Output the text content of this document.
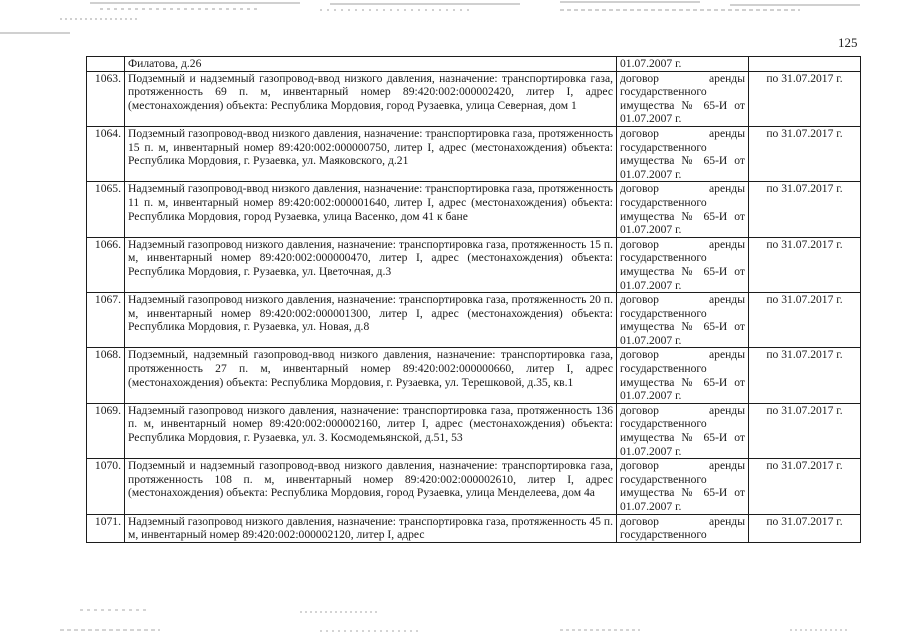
125
	Филатова, д.26	01.07.2007 г.	
1063.	Подземный и надземный газопровод-ввод низкого давления, назначение: транспортировка газа, протяженность 69 п. м, инвентарный номер 89:420:002:000002420, литер I, адрес (местонахождения) объекта: Республика Мордовия, город Рузаевка, улица Северная, дом 1	договор аренды государственного имущества № 65-И от 01.07.2007 г.	по 31.07.2017 г.
1064.	Подземный газопровод-ввод низкого давления, назначение: транспортировка газа, протяженность 15 п. м, инвентарный номер 89:420:002:000000750, литер I, адрес (местонахождения) объекта: Республика Мордовия, г. Рузаевка, ул. Маяковского, д.21	договор аренды государственного имущества № 65-И от 01.07.2007 г.	по 31.07.2017 г.
1065.	Надземный газопровод-ввод низкого давления, назначение: транспортировка газа, протяженность 11 п. м, инвентарный номер 89:420:002:000001640, литер I, адрес (местонахождения) объекта: Республика Мордовия, город Рузаевка, улица Васенко, дом 41 к бане	договор аренды государственного имущества № 65-И от 01.07.2007 г.	по 31.07.2017 г.
1066.	Надземный газопровод низкого давления, назначение: транспортировка газа, протяженность 15 п. м, инвентарный номер 89:420:002:000000470, литер I, адрес (местонахождения) объекта: Республика Мордовия, г. Рузаевка, ул. Цветочная, д.3	договор аренды государственного имущества № 65-И от 01.07.2007 г.	по 31.07.2017 г.
1067.	Надземный газопровод низкого давления, назначение: транспортировка газа, протяженность 20 п. м, инвентарный номер 89:420:002:000001300, литер I, адрес (местонахождения) объекта: Республика Мордовия, г. Рузаевка, ул. Новая, д.8	договор аренды государственного имущества № 65-И от 01.07.2007 г.	по 31.07.2017 г.
1068.	Подземный, надземный газопровод-ввод низкого давления, назначение: транспортировка газа, протяженность 27 п. м, инвентарный номер 89:420:002:000000660, литер I, адрес (местонахождения) объекта: Республика Мордовия, г. Рузаевка, ул. Терешковой, д.35, кв.1	договор аренды государственного имущества № 65-И от 01.07.2007 г.	по 31.07.2017 г.
1069.	Надземный газопровод низкого давления, назначение: транспортировка газа, протяженность 136 п. м, инвентарный номер 89:420:002:000002160, литер I, адрес (местонахождения) объекта: Республика Мордовия, г. Рузаевка, ул. З. Космодемьянской, д.51, 53	договор аренды государственного имущества № 65-И от 01.07.2007 г.	по 31.07.2017 г.
1070.	Подземный и надземный газопровод-ввод низкого давления, назначение: транспортировка газа, протяженность 108 п. м, инвентарный номер 89:420:002:000002610, литер I, адрес (местонахождения) объекта: Республика Мордовия, город Рузаевка, улица Менделеева, дом 4а	договор аренды государственного имущества № 65-И от 01.07.2007 г.	по 31.07.2017 г.
1071.	Надземный газопровод низкого давления, назначение: транспортировка газа, протяженность 45 п. м, инвентарный номер 89:420:002:000002120, литер I, адрес	договор аренды государственного	по 31.07.2017 г.
